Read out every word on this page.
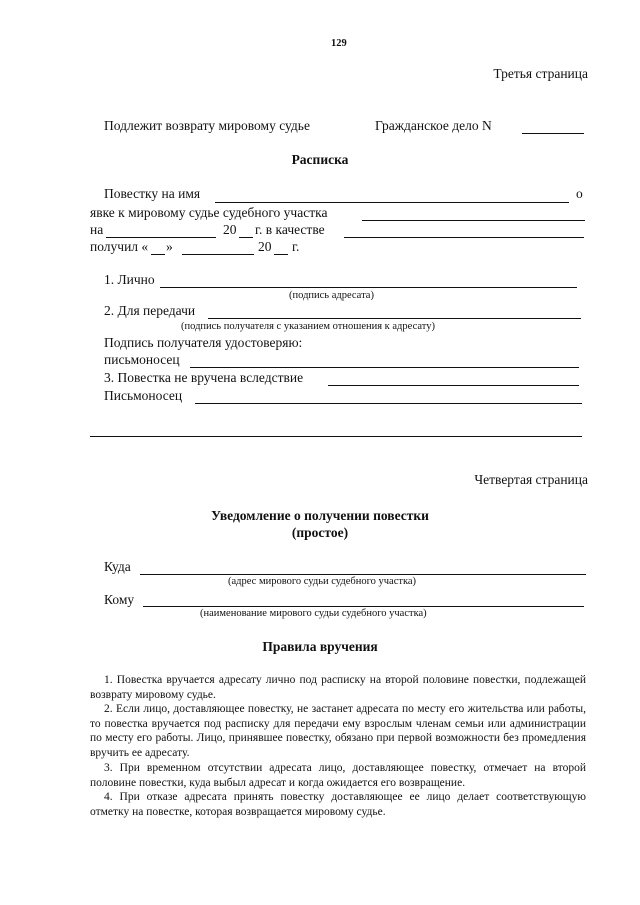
129
Третья страница
Подлежит возврату мировому судье	Гражданское дело N
Расписка
Повестку на имя	о
явке к мировому судье судебного участка
на	20 г. в качестве
получил « »	20 г.
1. Лично
(подпись адресата)
2. Для передачи
(подпись получателя с указанием отношения к адресату)
Подпись получателя удостоверяю:
письмоносец
3. Повестка не вручена вследствие
Письмоносец
Четвертая страница
Уведомление о получении повестки
(простое)
Куда
(адрес мирового судьи судебного участка)
Кому
(наименование мирового судьи судебного участка)
Правила вручения
1. Повестка вручается адресату лично под расписку на второй половине повестки, подлежащей возврату мировому судье.
2. Если лицо, доставляющее повестку, не застанет адресата по месту его жительства или работы, то повестка вручается под расписку для передачи ему взрослым членам семьи или администрации по месту его работы. Лицо, принявшее повестку, обязано при первой возможности без промедления вручить ее адресату.
3. При временном отсутствии адресата лицо, доставляющее повестку, отмечает на второй половине повестки, куда выбыл адресат и когда ожидается его возвращение.
4. При отказе адресата принять повестку доставляющее ее лицо делает соответствующую отметку на повестке, которая возвращается мировому судье.
